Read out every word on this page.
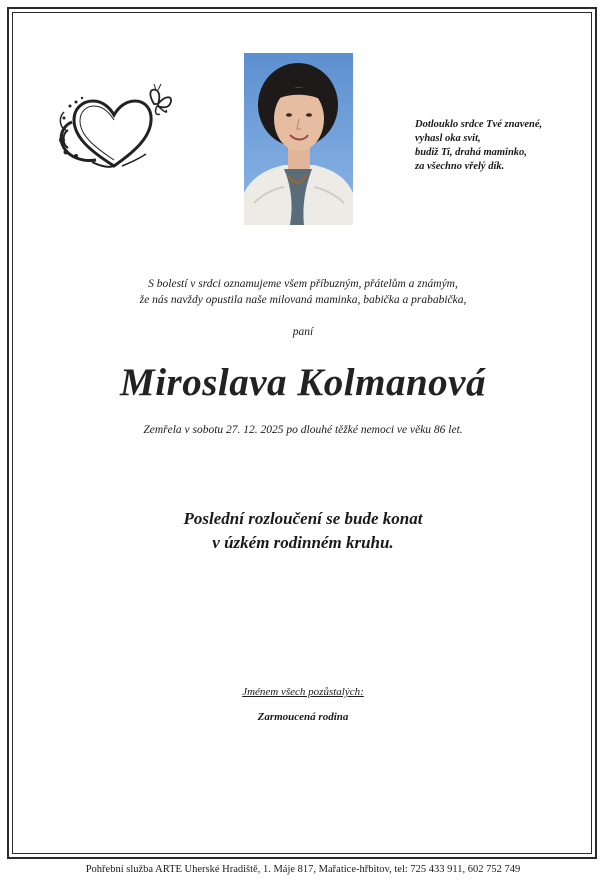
Dotlouklo srdce Tvé znavené,
vyhasl oka svit,
budiž Ti, drahá maminko,
za všechno vřelý dík.
S bolestí v srdci oznamujeme všem příbuzným, přátelům a známým,
že nás navždy opustila naše milovaná maminka, babička a prababička,
paní
Miroslava Kolmanová
Zemřela v sobotu 27. 12. 2025 po dlouhé těžké nemoci ve věku 86 let.
Poslední rozloučení se bude konat
v úzkém rodinném kruhu.
Jménem všech pozůstalých:
Zarmoucená rodina
Pohřební služba ARTE Uherské Hradiště, 1. Máje 817, Mařatice-hřbitov, tel: 725 433 911, 602 752 749
